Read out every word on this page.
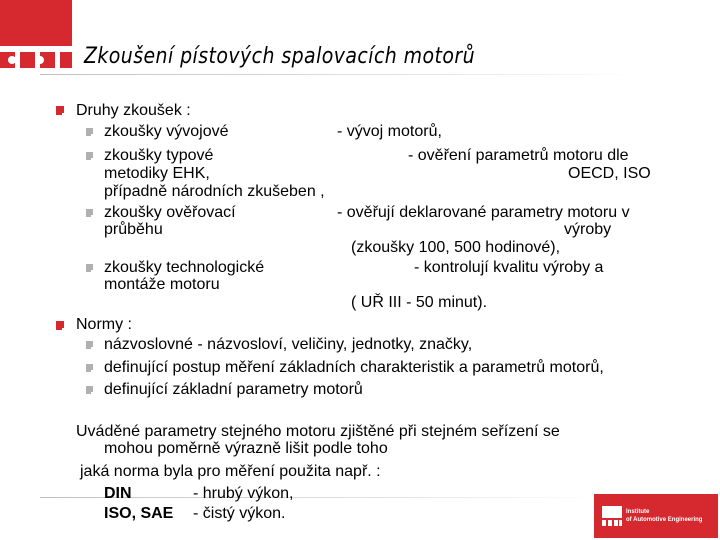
Zkoušení pístových spalovacích motorů
Druhy zkoušek :
zkoušky vývojové	- vývoj motorů,
zkoušky typové	- ověření parametrů motoru dle
metodiky EHK,	OECD, ISO
případně národních zkušeben ,
zkoušky ověřovací	- ověřují deklarované parametry motoru v
průběhu	výroby
(zkoušky 100, 500 hodinové),
zkoušky technologické	- kontrolují kvalitu výroby a
montáže motoru
( UŘ III - 50 minut).
Normy :
názvoslovné - názvosloví, veličiny, jednotky, značky,
definující postup měření základních charakteristik a parametrů motorů,
definující základní parametry motorů
Uváděné parametry stejného motoru zjištěné při stejném seřízení se
mohou poměrně výrazně lišit podle toho
jaká norma byla pro měření použita např. :
DIN	- hrubý výkon,
ISO, SAE - čistý výkon.	Institute
of Automotive Engineering
